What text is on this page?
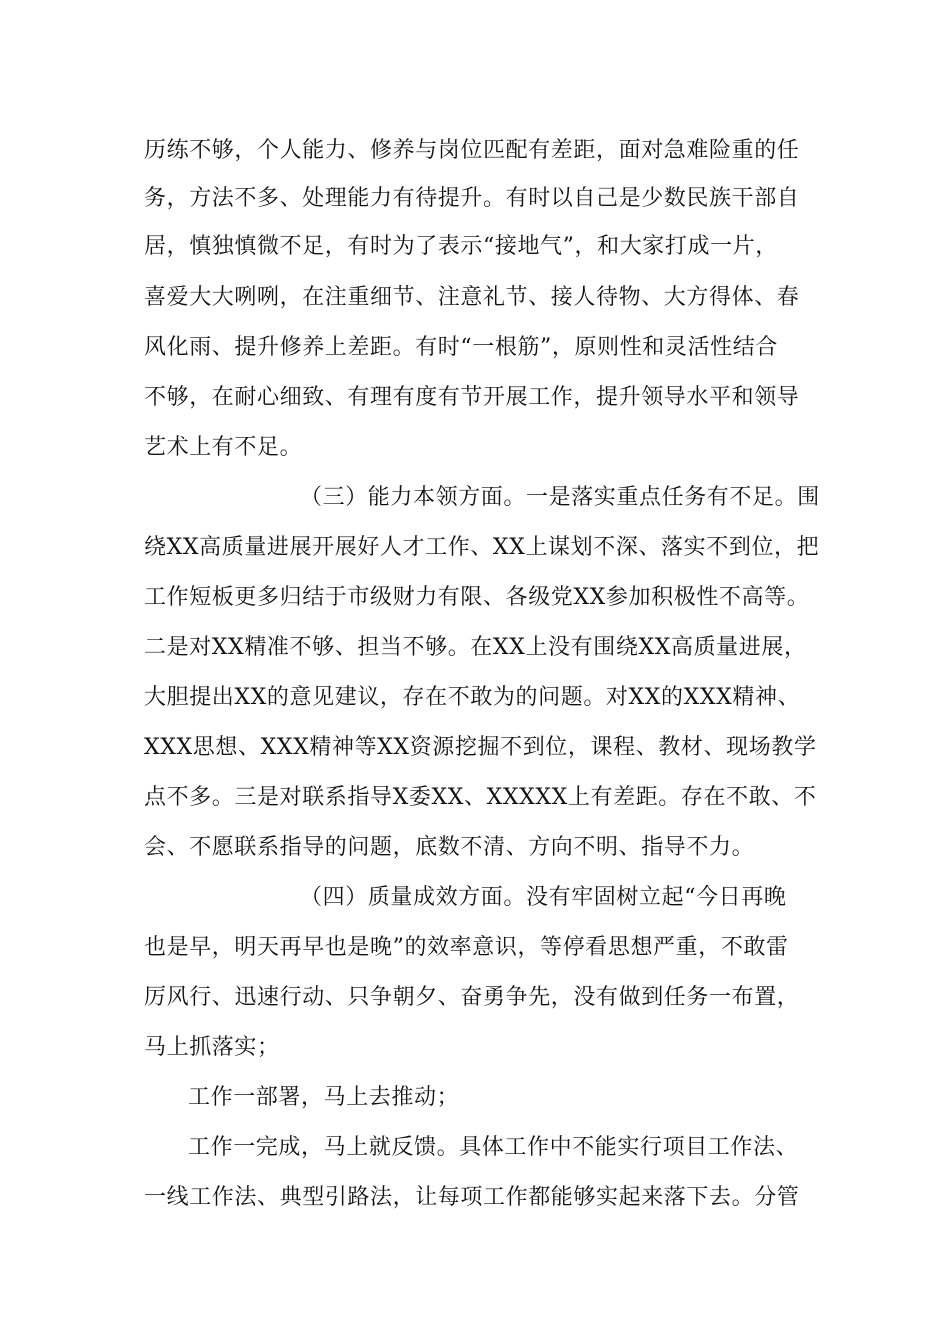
历练不够，个人能力、修养与岗位匹配有差距，面对急难险重的任
务，方法不多、处理能力有待提升。有时以自己是少数民族干部自
居，慎独慎微不足，有时为了表示“接地气”，和大家打成一片，
喜爱大大咧咧，在注重细节、注意礼节、接人待物、大方得体、春
风化雨、提升修养上差距。有时“一根筋”，原则性和灵活性结合
不够，在耐心细致、有理有度有节开展工作，提升领导水平和领导
艺术上有不足。
（三）能力本领方面。一是落实重点任务有不足。围
绕XX高质量进展开展好人才工作、XX上谋划不深、落实不到位，把
工作短板更多归结于市级财力有限、各级党XX参加积极性不高等。
二是对XX精准不够、担当不够。在XX上没有围绕XX高质量进展，
大胆提出XX的意见建议，存在不敢为的问题。对XX的XXX精神、
XXX思想、XXX精神等XX资源挖掘不到位，课程、教材、现场教学
点不多。三是对联系指导X委XX、XXXXX上有差距。存在不敢、不
会、不愿联系指导的问题，底数不清、方向不明、指导不力。
（四）质量成效方面。没有牢固树立起“今日再晚
也是早，明天再早也是晚”的效率意识，等停看思想严重，不敢雷
厉风行、迅速行动、只争朝夕、奋勇争先，没有做到任务一布置，
马上抓落实；
工作一部署，马上去推动；
工作一完成，马上就反馈。具体工作中不能实行项目工作法、
一线工作法、典型引路法，让每项工作都能够实起来落下去。分管
